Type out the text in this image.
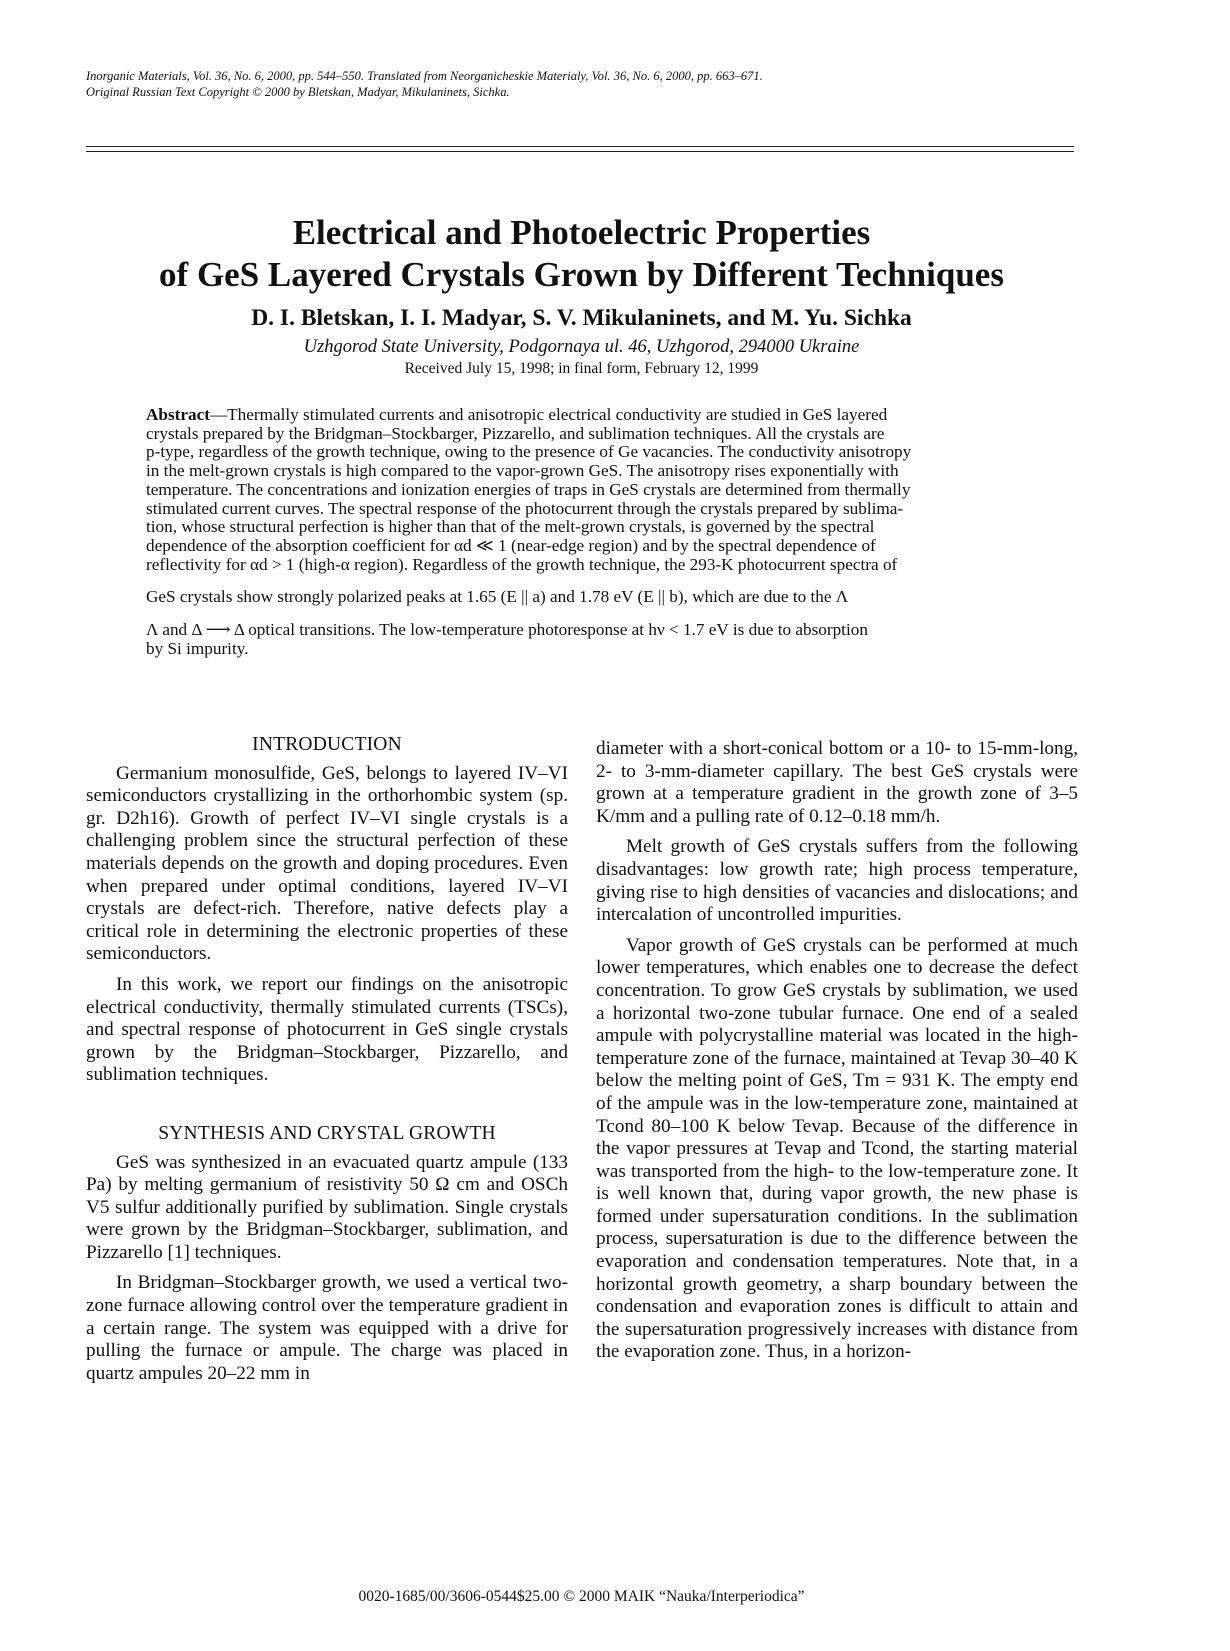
Inorganic Materials, Vol. 36, No. 6, 2000, pp. 544–550. Translated from Neorganicheskie Materialy, Vol. 36, No. 6, 2000, pp. 663–671.
Original Russian Text Copyright © 2000 by Bletskan, Madyar, Mikulaninets, Sichka.
Electrical and Photoelectric Properties
of GeS Layered Crystals Grown by Different Techniques
D. I. Bletskan, I. I. Madyar, S. V. Mikulaninets, and M. Yu. Sichka
Uzhgorod State University, Podgornaya ul. 46, Uzhgorod, 294000 Ukraine
Received July 15, 1998; in final form, February 12, 1999
Abstract—Thermally stimulated currents and anisotropic electrical conductivity are studied in GeS layered
crystals prepared by the Bridgman–Stockbarger, Pizzarello, and sublimation techniques. All the crystals are
p-type, regardless of the growth technique, owing to the presence of Ge vacancies. The conductivity anisotropy
in the melt-grown crystals is high compared to the vapor-grown GeS. The anisotropy rises exponentially with
temperature. The concentrations and ionization energies of traps in GeS crystals are determined from thermally
stimulated current curves. The spectral response of the photocurrent through the crystals prepared by sublima-
tion, whose structural perfection is higher than that of the melt-grown crystals, is governed by the spectral
dependence of the absorption coefficient for αd ≪ 1 (near-edge region) and by the spectral dependence of
reflectivity for αd > 1 (high-α region). Regardless of the growth technique, the 293-K photocurrent spectra of
GeS crystals show strongly polarized peaks at 1.65 (E || a) and 1.78 eV (E || b), which are due to the Λ
Λ and Δ ⟶ Δ optical transitions. The low-temperature photoresponse at hν < 1.7 eV is due to absorption
by Si impurity.
INTRODUCTION

Germanium monosulfide, GeS, belongs to layered IV–VI semiconductors crystallizing in the orthorhombic system (sp. gr. D2h16). Growth of perfect IV–VI single crystals is a challenging problem since the structural perfection of these materials depends on the growth and doping procedures. Even when prepared under optimal conditions, layered IV–VI crystals are defect-rich. Therefore, native defects play a critical role in determining the electronic properties of these semiconductors.

In this work, we report our findings on the anisotropic electrical conductivity, thermally stimulated currents (TSCs), and spectral response of photocurrent in GeS single crystals grown by the Bridgman–Stockbarger, Pizzarello, and sublimation techniques.

SYNTHESIS AND CRYSTAL GROWTH

GeS was synthesized in an evacuated quartz ampule (133 Pa) by melting germanium of resistivity 50 Ω cm and OSCh V5 sulfur additionally purified by sublimation. Single crystals were grown by the Bridgman–Stockbarger, sublimation, and Pizzarello [1] techniques.

In Bridgman–Stockbarger growth, we used a vertical two-zone furnace allowing control over the temperature gradient in a certain range. The system was equipped with a drive for pulling the furnace or ampule. The charge was placed in quartz ampules 20–22 mm in

diameter with a short-conical bottom or a 10- to 15-mm-long, 2- to 3-mm-diameter capillary. The best GeS crystals were grown at a temperature gradient in the growth zone of 3–5 K/mm and a pulling rate of 0.12–0.18 mm/h.

Melt growth of GeS crystals suffers from the following disadvantages: low growth rate; high process temperature, giving rise to high densities of vacancies and dislocations; and intercalation of uncontrolled impurities.

Vapor growth of GeS crystals can be performed at much lower temperatures, which enables one to decrease the defect concentration. To grow GeS crystals by sublimation, we used a horizontal two-zone tubular furnace. One end of a sealed ampule with polycrystalline material was located in the high-temperature zone of the furnace, maintained at Tevap 30–40 K below the melting point of GeS, Tm = 931 K. The empty end of the ampule was in the low-temperature zone, maintained at Tcond 80–100 K below Tevap. Because of the difference in the vapor pressures at Tevap and Tcond, the starting material was transported from the high- to the low-temperature zone. It is well known that, during vapor growth, the new phase is formed under supersaturation conditions. In the sublimation process, supersaturation is due to the difference between the evaporation and condensation temperatures. Note that, in a horizontal growth geometry, a sharp boundary between the condensation and evaporation zones is difficult to attain and the supersaturation progressively increases with distance from the evaporation zone. Thus, in a horizon-

0020-1685/00/3606-0544$25.00 © 2000 MAIK “Nauka/Interperiodica”
